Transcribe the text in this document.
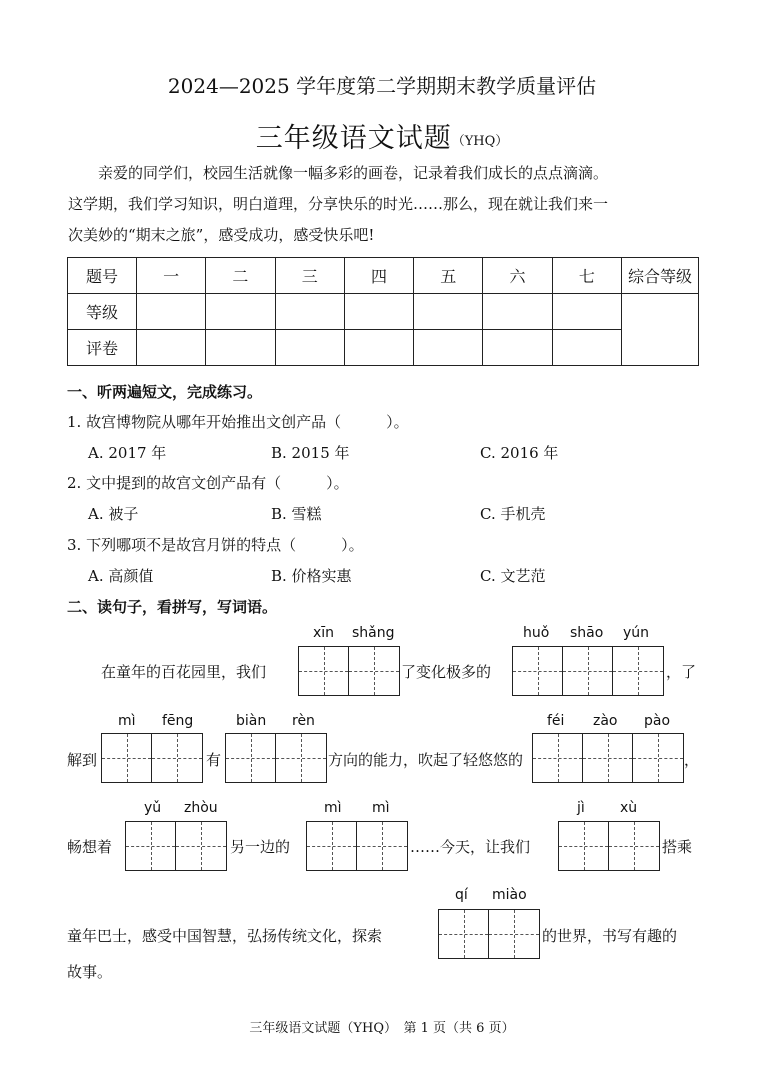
2024—2025 学年度第二学期期末教学质量评估
三年级语文试题（YHQ）

亲爱的同学们，校园生活就像一幅多彩的画卷，记录着我们成长的点点滴滴。

这学期，我们学习知识，明白道理，分享快乐的时光……那么，现在就让我们来一

次美妙的“期末之旅”，感受成功，感受快乐吧!

题号	一	二	三	四	五	六	七	综合等级
等级								
评卷								
一、听两遍短文，完成练习。
1. 故宫博物院从哪年开始推出文创产品（　　　）。
A. 2017 年	B. 2015 年	C. 2016 年
2. 文中提到的故宫文创产品有（　　　）。
A. 被子	B. 雪糕	C. 手机壳
3. 下列哪项不是故宫月饼的特点（　　　）。
A. 高颜值	B. 价格实惠	C. 文艺范
二、读句子，看拼写，写词语。
xīn shǎng	huǒ shāo yún
在童年的百花园里，我们	了变化极多的	，了
mì fēng	biàn rèn	féi zào pào
解到	有	方向的能力，吹起了轻悠悠的	，
yǔ zhòu	mì mì	jì	xù
畅想着	另一边的	……今天，让我们	搭乘
qí miào
童年巴士，感受中国智慧，弘扬传统文化，探索	的世界，书写有趣的
故事。
三年级语文试题（YHQ）　第 1 页（共 6 页）
